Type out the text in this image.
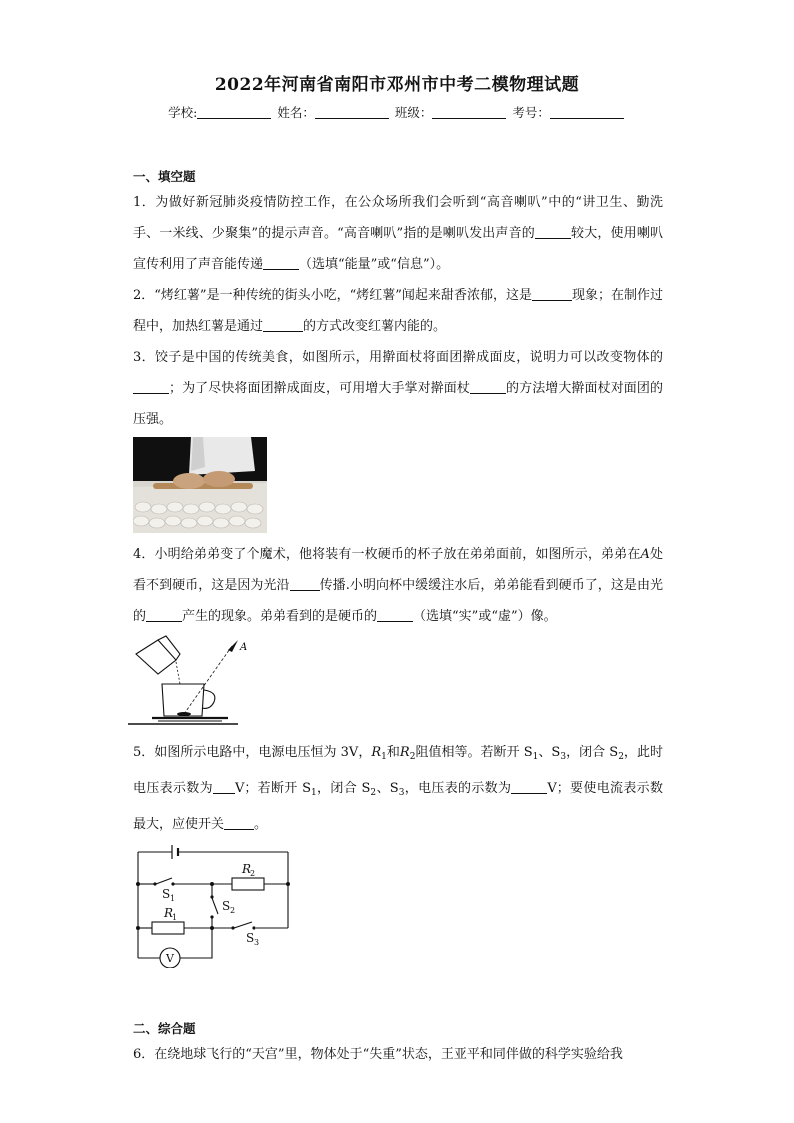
2022年河南省南阳市邓州市中考二模物理试题
学校:	姓名：	班级：	考号：
一、填空题
1．为做好新冠肺炎疫情防控工作，在公众场所我们会听到“高音喇叭”中的“讲卫生、勤洗手、一米线、少聚集”的提示声音。“高音喇叭”指的是喇叭发出声音的	较大，使用喇叭宣传利用了声音能传递	（选填“能量”或“信息”）。
2．“烤红薯”是一种传统的街头小吃，“烤红薯”闻起来甜香浓郁，这是	现象；在制作过程中，加热红薯是通过	的方式改变红薯内能的。
3．饺子是中国的传统美食，如图所示，用擀面杖将面团擀成面皮，说明力可以改变物体的；为了尽快将面团擀成面皮，可用增大手掌对擀面杖	的方法增大擀面杖对面团的压强。
4．小明给弟弟变了个魔术，他将装有一枚硬币的杯子放在弟弟面前，如图所示，弟弟在A处看不到硬币，这是因为光沿 传播.小明向杯中缓缓注水后，弟弟能看到硬币了，这是由光的	产生的现象。弟弟看到的是硬币的	（选填“实”或“虚”）像。
A
5．如图所示电路中，电源电压恒为 3V，$R_1$和$R_2$阻值相等。若断开 $S_1$、$S_3$，闭合 $S_2$，此时电压表示数为 V；若断开 $S_1$，闭合 $S_2$、$S_3$，电压表的示数为	V；要使电流表示数最大，应使开关 。
R
2
R
1
S 1
S 2
S 3
V
二、综合题
6．在绕地球飞行的“天宫”里，物体处于“失重”状态，王亚平和同伴做的科学实验给我
